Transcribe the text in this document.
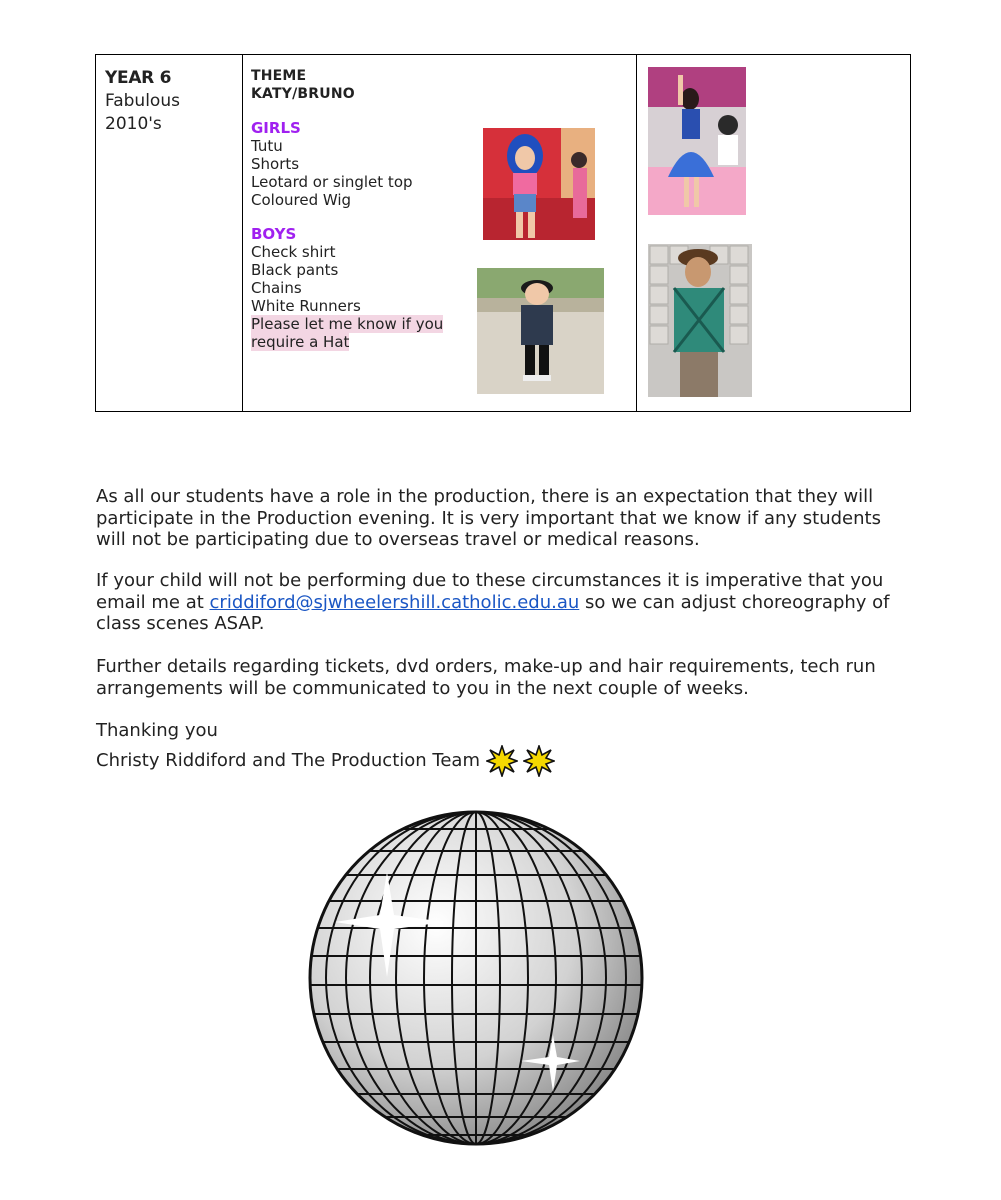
YEAR 6
Fabulous
2010's

THEME
KATY/BRUNO
GIRLS
Tutu
Shorts
Leotard or singlet top
Coloured Wig
BOYS
Check shirt
Black pants
Chains
White Runners
Please let me know if you
require a Hat

As all our students have a role in the production, there is an expectation that they will participate in the Production evening. It is very important that we know if any students will not be participating due to overseas travel or medical reasons.
If your child will not be performing due to these circumstances it is imperative that you email me at criddiford@sjwheelershill.catholic.edu.au so we can adjust choreography of class scenes ASAP.
Further details regarding tickets, dvd orders, make-up and hair requirements, tech run arrangements will be communicated to you in the next couple of weeks.
Thanking you
Christy Riddiford and The Production Team
